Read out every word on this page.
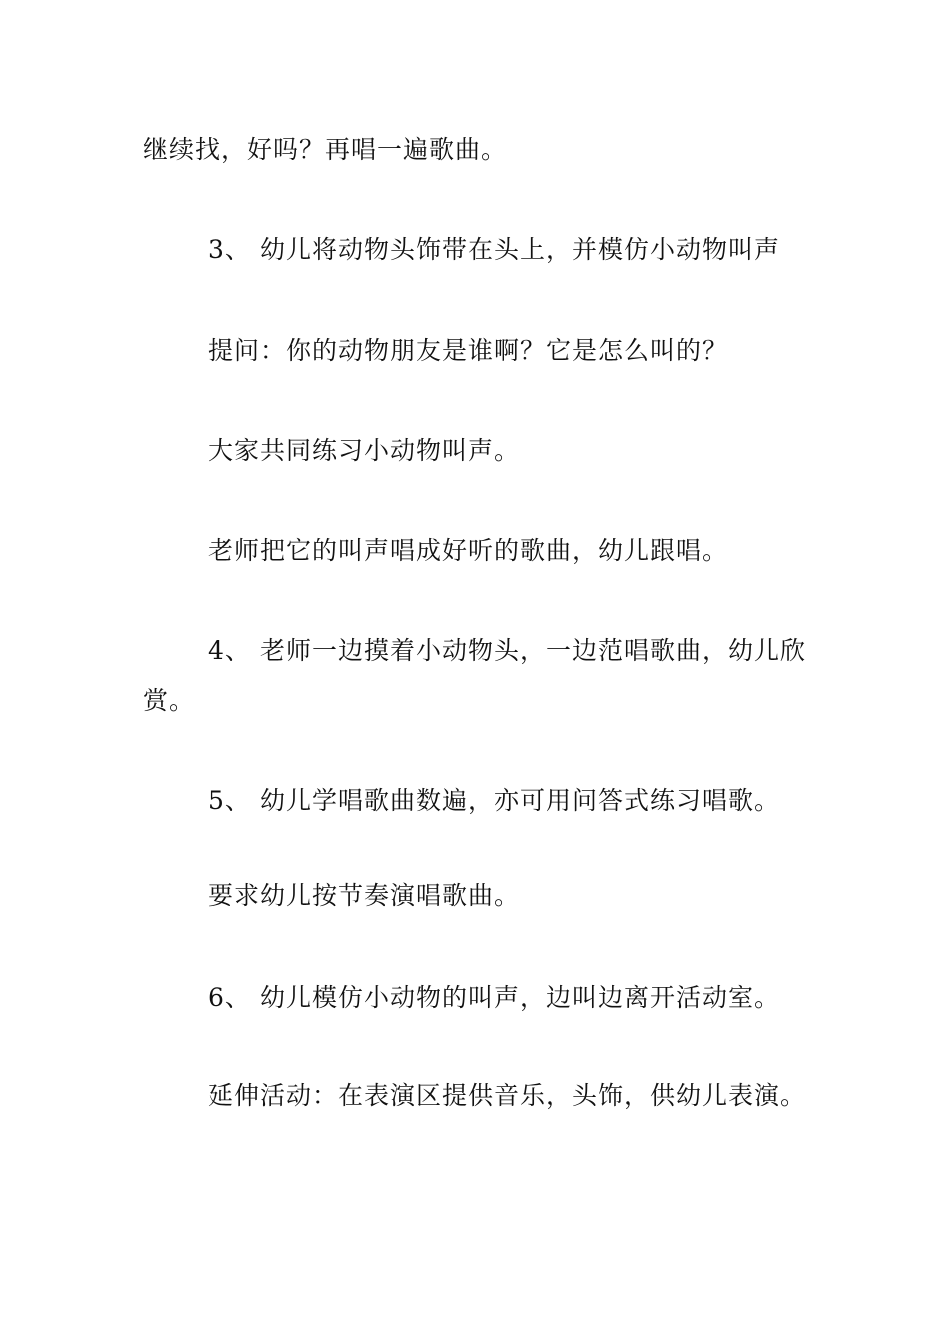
继续找，好吗？再唱一遍歌曲。
3、 幼儿将动物头饰带在头上，并模仿小动物叫声
提问：你的动物朋友是谁啊？它是怎么叫的？
大家共同练习小动物叫声。
老师把它的叫声唱成好听的歌曲，幼儿跟唱。
4、 老师一边摸着小动物头，一边范唱歌曲，幼儿欣
赏。
5、 幼儿学唱歌曲数遍，亦可用问答式练习唱歌。
要求幼儿按节奏演唱歌曲。
6、 幼儿模仿小动物的叫声，边叫边离开活动室。
延伸活动：在表演区提供音乐，头饰，供幼儿表演。
